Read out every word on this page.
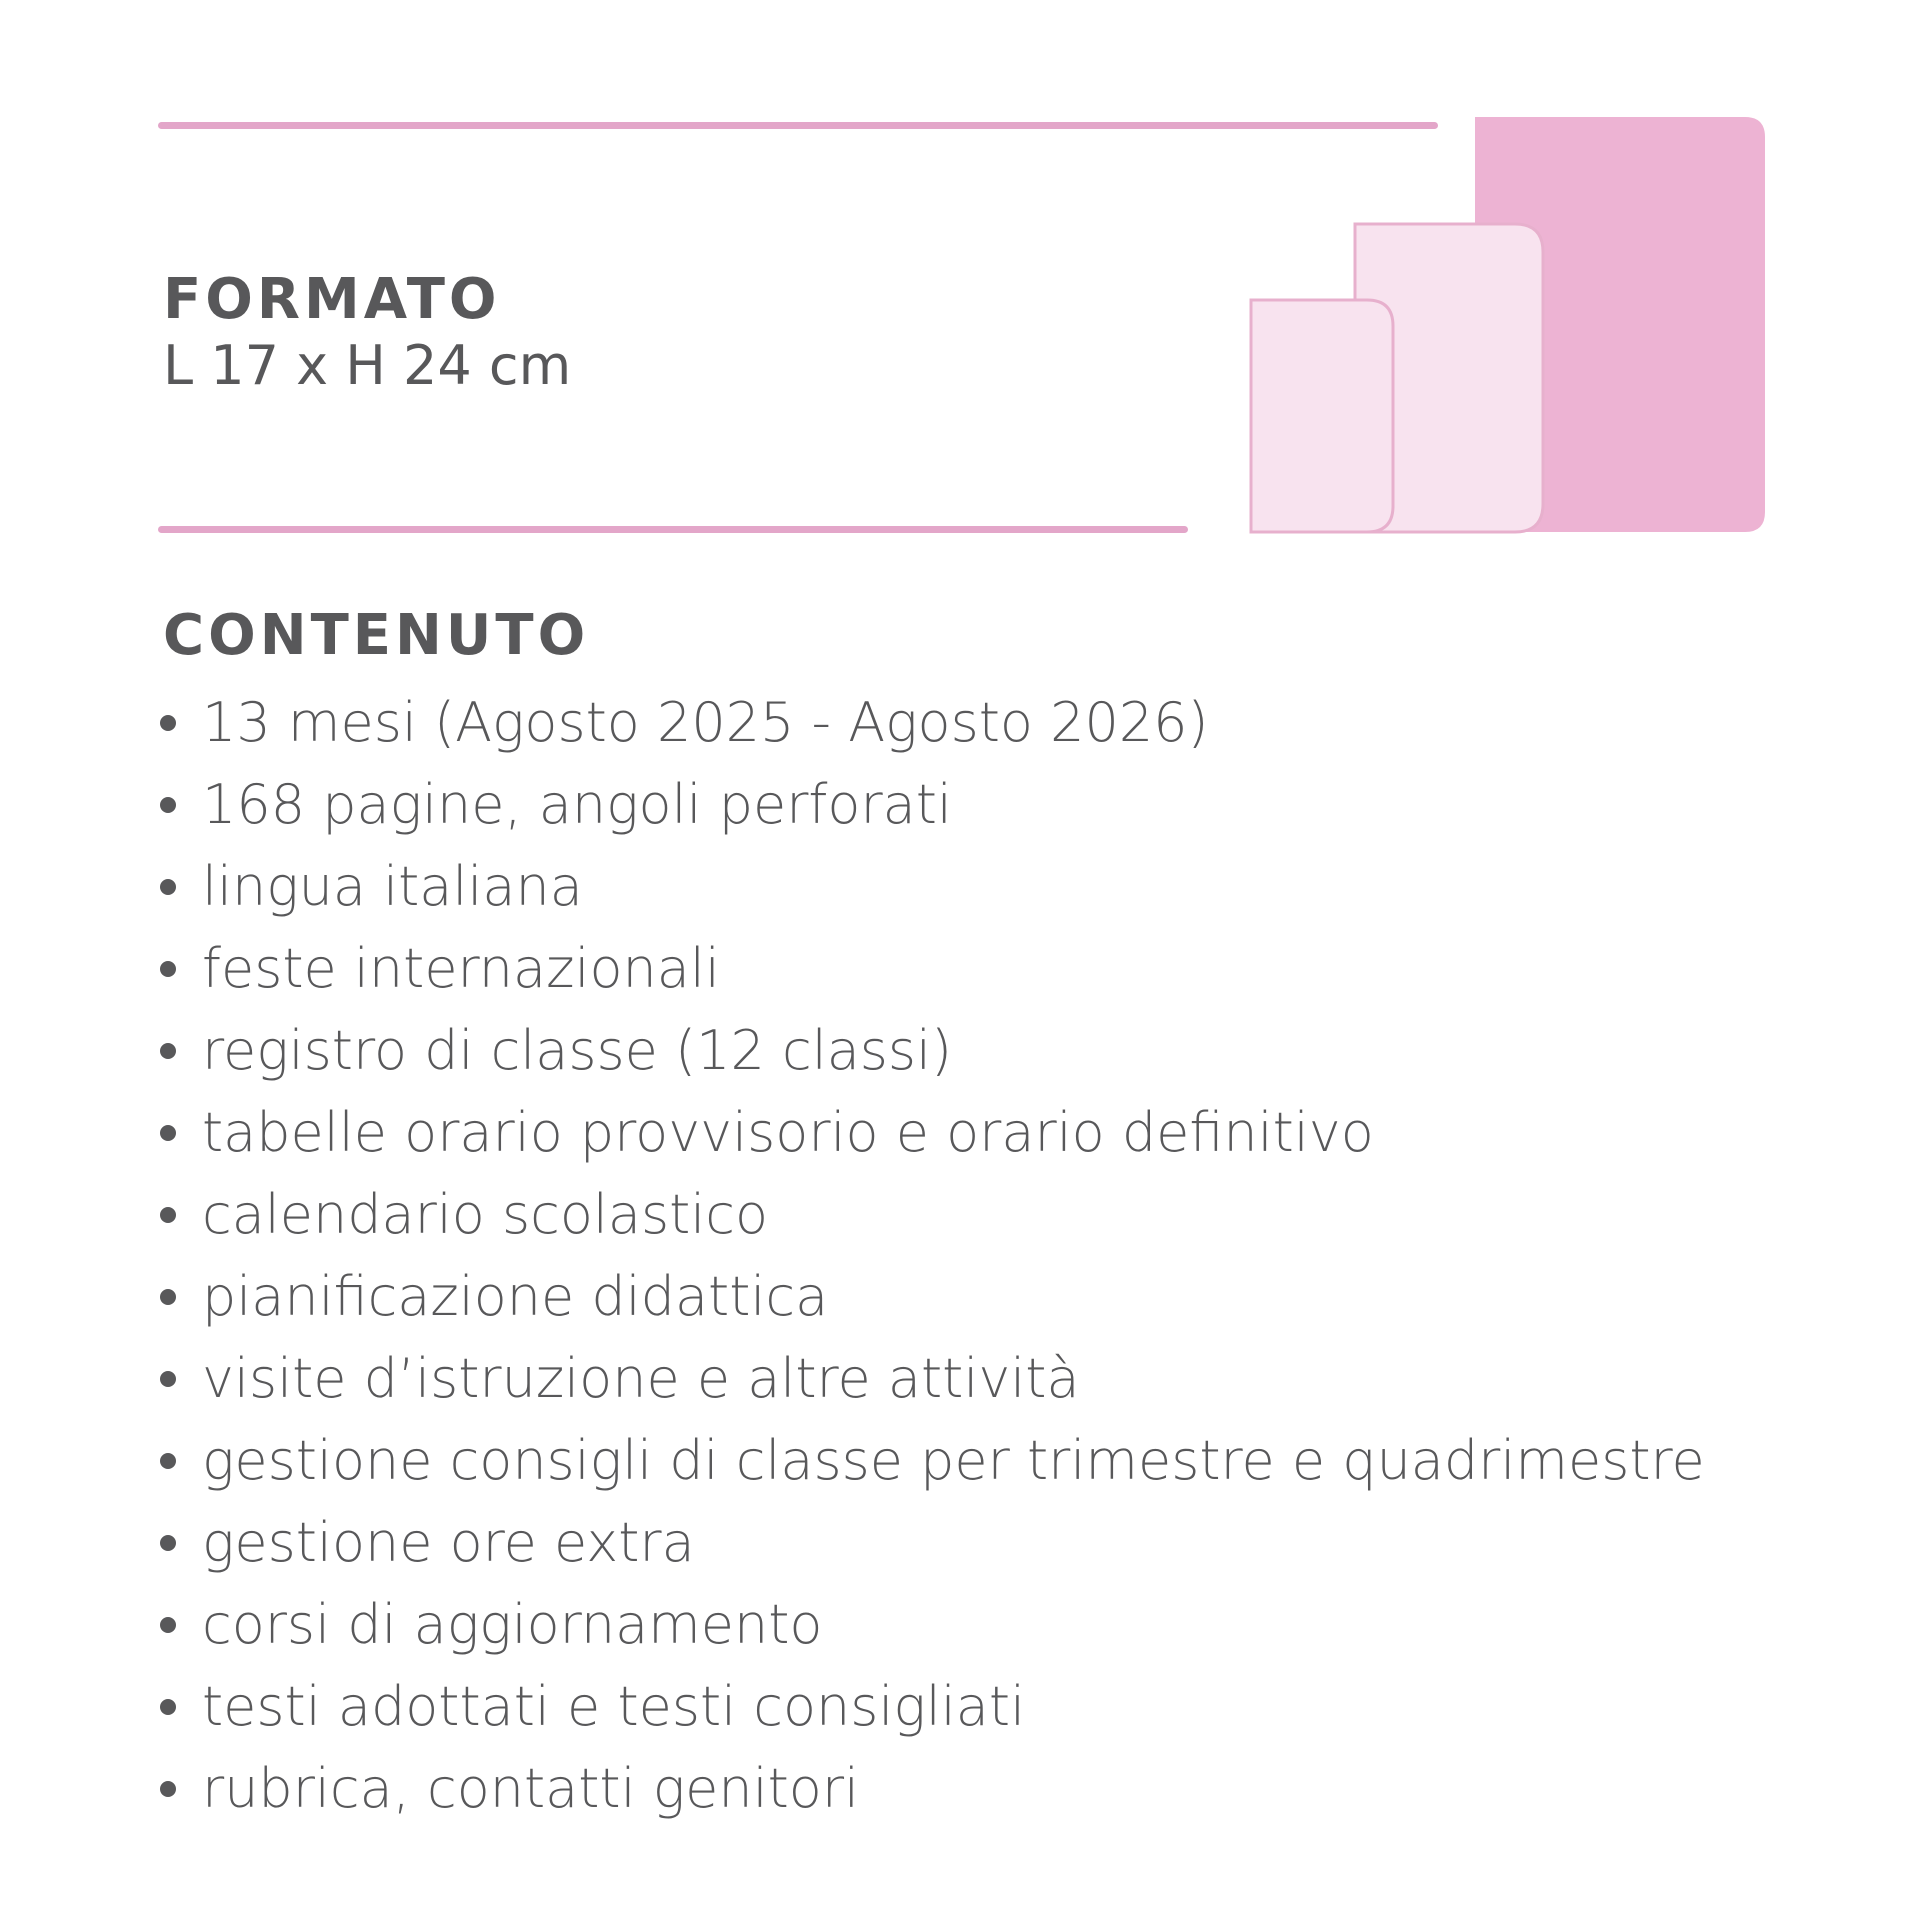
FORMATO
L 17 x H 24 cm
CONTENUTO
13 mesi (Agosto 2025 - Agosto 2026)
168 pagine, angoli perforati
lingua italiana
feste internazionali
registro di classe (12 classi)
tabelle orario provvisorio e orario definitivo
calendario scolastico
pianificazione didattica
visite d’istruzione e altre attività
gestione consigli di classe per trimestre e quadrimestre
gestione ore extra
corsi di aggiornamento
testi adottati e testi consigliati
rubrica, contatti genitori
